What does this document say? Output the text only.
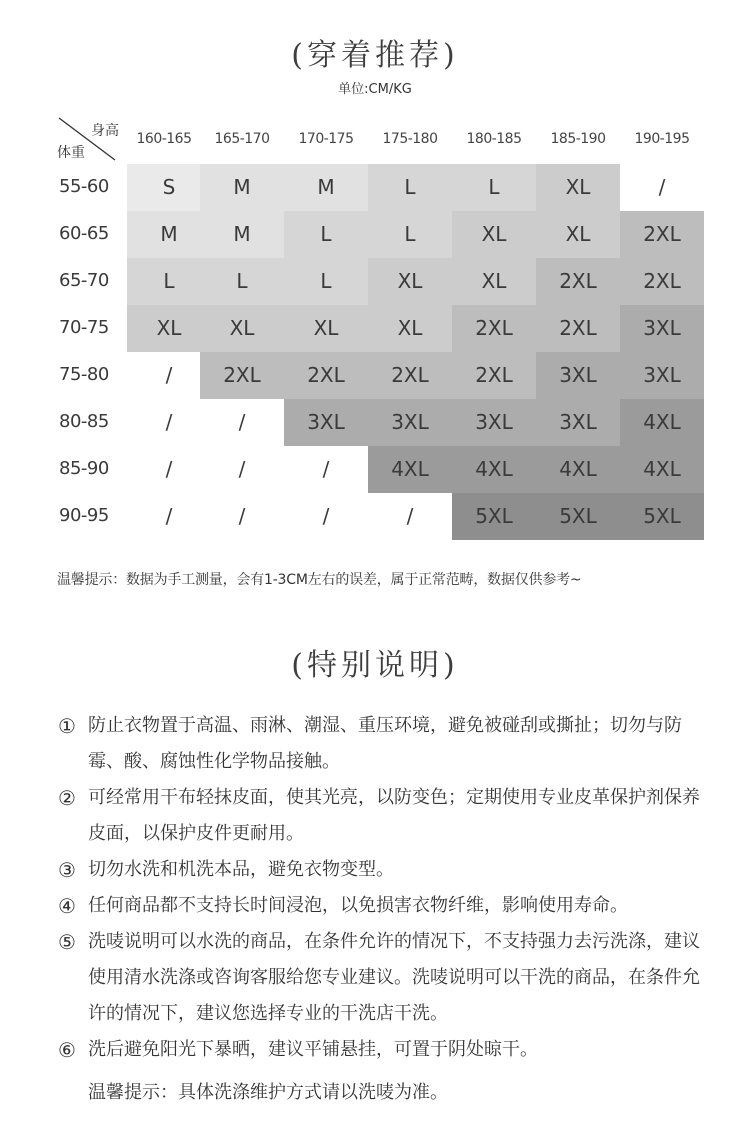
(穿着推荐)
单位:CM/KG
身高
体重
160-165	165-170	170-175	175-180	180-185	185-190	190-195
55-60	S	M	M	L	L	XL	/
60-65	M	M	L	L	XL	XL	2XL
65-70	L	L	L	XL	XL	2XL	2XL
70-75	XL	XL	XL	XL	2XL	2XL	3XL
75-80	/	2XL	2XL	2XL	2XL	3XL	3XL
80-85	/	/	3XL	3XL	3XL	3XL	4XL
85-90	/	/	/	4XL	4XL	4XL	4XL
90-95	/	/	/	/	5XL	5XL	5XL
温馨提示：数据为手工测量，会有1-3CM左右的误差，属于正常范畴，数据仅供参考~
(特别说明)
① 防止衣物置于高温、雨淋、潮湿、重压环境，避免被碰刮或撕扯；切勿与防霉、酸、腐蚀性化学物品接触。
② 可经常用干布轻抹皮面，使其光亮，以防变色；定期使用专业皮革保护剂保养皮面，以保护皮件更耐用。
③ 切勿水洗和机洗本品，避免衣物变型。
④ 任何商品都不支持长时间浸泡，以免损害衣物纤维，影响使用寿命。
⑤ 洗唛说明可以水洗的商品，在条件允许的情况下，不支持强力去污洗涤，建议使用清水洗涤或咨询客服给您专业建议。洗唛说明可以干洗的商品，在条件允许的情况下，建议您选择专业的干洗店干洗。
⑥ 洗后避免阳光下暴晒，建议平铺悬挂，可置于阴处晾干。
温馨提示：具体洗涤维护方式请以洗唛为准。
